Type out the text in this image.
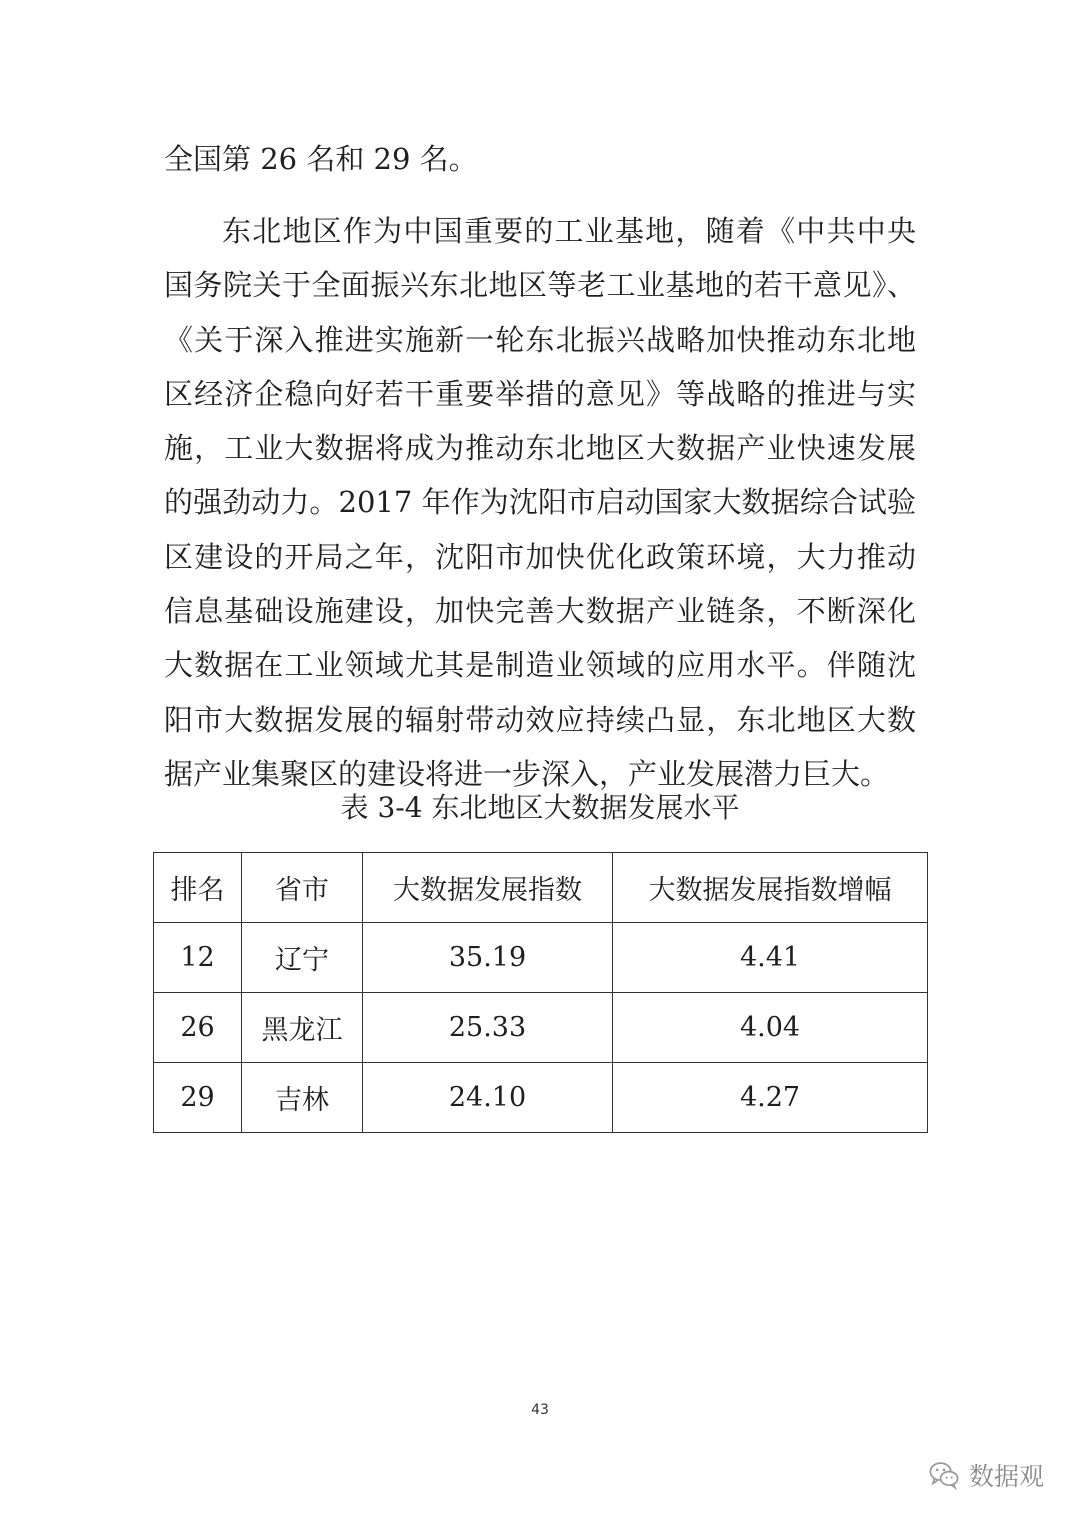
全国第 26 名和 29 名。
东北地区作为中国重要的工业基地，随着《中共中央国务院关于全面振兴东北地区等老工业基地的若干意见》、《关于深入推进实施新一轮东北振兴战略加快推动东北地区经济企稳向好若干重要举措的意见》等战略的推进与实施，工业大数据将成为推动东北地区大数据产业快速发展的强劲动力。2017 年作为沈阳市启动国家大数据综合试验区建设的开局之年，沈阳市加快优化政策环境，大力推动信息基础设施建设，加快完善大数据产业链条，不断深化大数据在工业领域尤其是制造业领域的应用水平。伴随沈阳市大数据发展的辐射带动效应持续凸显，东北地区大数据产业集聚区的建设将进一步深入，产业发展潜力巨大。
表 3-4 东北地区大数据发展水平
排名	省市	大数据发展指数	大数据发展指数增幅
12	辽宁	35.19	4.41
26	黑龙江	25.33	4.04
29	吉林	24.10	4.27
43
数据观
